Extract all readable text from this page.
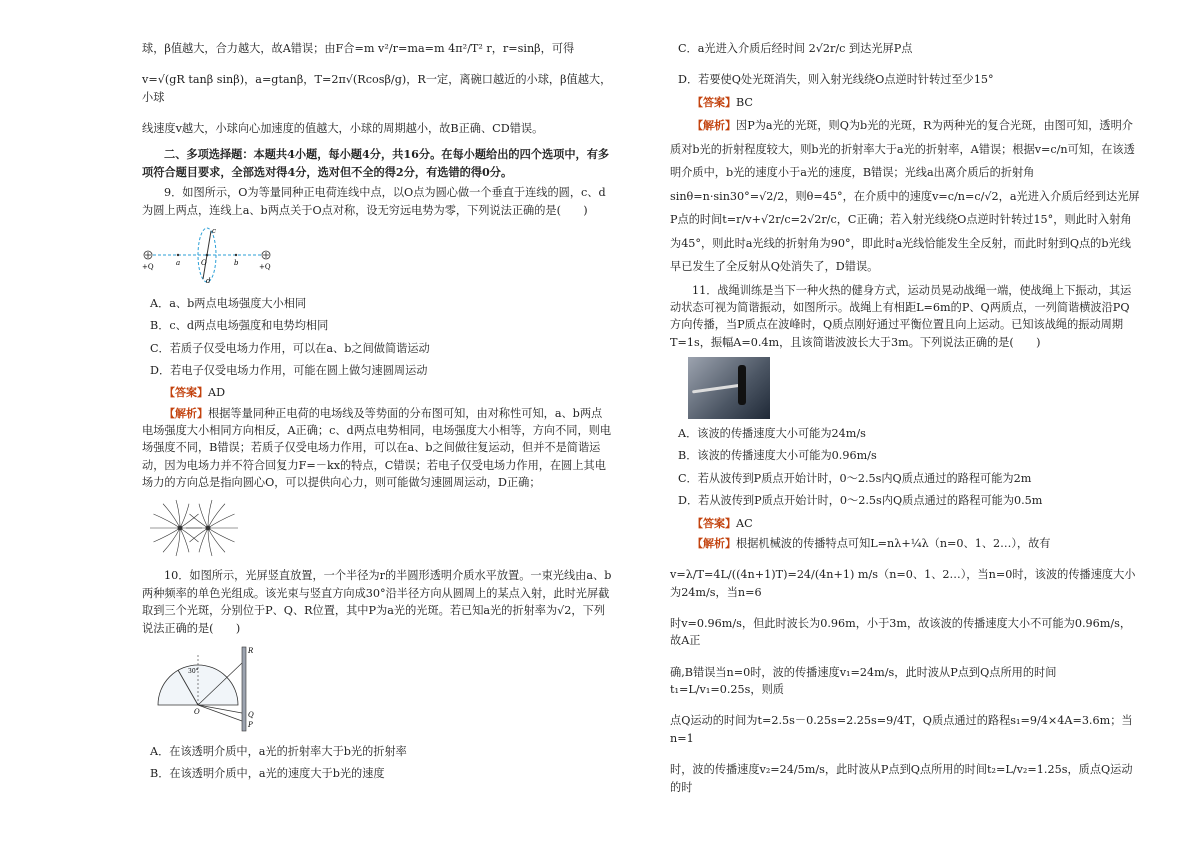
球，β值越大，合力越大，故A错误；由F合=m v²/r=ma=m 4π²/T² r，r=sinβ，可得

v=√(gR tanβ sinβ)，a=gtanβ，T=2π√(Rcosβ/g)，R一定，离碗口越近的小球，β值越大，小球

线速度v越大，小球向心加速度的值越大，小球的周期越小，故B正确、CD错误。

二、多项选择题：本题共4小题，每小题4分，共16分。在每小题给出的四个选项中，有多项符合题目要求，全部选对得4分，选对但不全的得2分，有选错的得0分。

9．如图所示，O为等量同种正电荷连线中点，以O点为圆心做一个垂直于连线的圆，c、d为圆上两点，连线上a、b两点关于O点对称，设无穷远电势为零，下列说法正确的是(　　)

+Q	+Q
a	O	b
c
d

A．a、b两点电场强度大小相同

B．c、d两点电场强度和电势均相同

C．若质子仅受电场力作用，可以在a、b之间做简谐运动

D．若电子仅受电场力作用，可能在圆上做匀速圆周运动

【答案】AD

【解析】根据等量同种正电荷的电场线及等势面的分布图可知，由对称性可知，a、b两点电场强度大小相同方向相反，A正确；c、d两点电势相同，电场强度大小相等，方向不同，则电场强度不同，B错误；若质子仅受电场力作用，可以在a、b之间做往复运动，但并不是简谐运动，因为电场力并不符合回复力F=－kx的特点，C错误；若电子仅受电场力作用，在圆上其电场力的方向总是指向圆心O，可以提供向心力，则可能做匀速圆周运动，D正确；

10．如图所示，光屏竖直放置，一个半径为r的半圆形透明介质水平放置。一束光线由a、b两种频率的单色光组成。该光束与竖直方向成30°沿半径方向从圆周上的某点入射，此时光屏截取到三个光斑，分别位于P、Q、R位置，其中P为a光的光斑。若已知a光的折射率为√2，下列说法正确的是(　　)

R
Q
P
O
30°

A．在该透明介质中，a光的折射率大于b光的折射率

B．在该透明介质中，a光的速度大于b光的速度

C．a光进入介质后经时间 2√2r/c 到达光屏P点

D．若要使Q处光斑消失，则入射光线绕O点逆时针转过至少15°

【答案】BC

【解析】因P为a光的光斑，则Q为b光的光斑，R为两种光的复合光斑，由图可知，透明介质对b光的折射程度较大，则b光的折射率大于a光的折射率，A错误；根据v=c/n可知，在该透明介质中，b光的速度小于a光的速度，B错误；光线a出离介质后的折射角sinθ=n·sin30°=√2/2，则θ=45°，在介质中的速度v=c/n=c/√2，a光进入介质后经到达光屏P点的时间t=r/v+√2r/c=2√2r/c，C正确；若入射光线绕O点逆时针转过15°，则此时入射角为45°，则此时a光线的折射角为90°，即此时a光线恰能发生全反射，而此时射到Q点的b光线早已发生了全反射从Q处消失了，D错误。

11．战绳训练是当下一种火热的健身方式，运动员晃动战绳一端，使战绳上下振动，其运动状态可视为简谐振动，如图所示。战绳上有相距L=6m的P、Q两质点，一列简谐横波沿PQ方向传播，当P质点在波峰时，Q质点刚好通过平衡位置且向上运动。已知该战绳的振动周期T=1s，振幅A=0.4m，且该简谐波波长大于3m。下列说法正确的是(　　)

A．该波的传播速度大小可能为24m/s

B．该波的传播速度大小可能为0.96m/s

C．若从波传到P质点开始计时，0～2.5s内Q质点通过的路程可能为2m

D．若从波传到P质点开始计时，0～2.5s内Q质点通过的路程可能为0.5m

【答案】AC

【解析】根据机械波的传播特点可知L=nλ+¼λ（n=0、1、2…），故有

v=λ/T=4L/((4n+1)T)=24/(4n+1) m/s（n=0、1、2…），当n=0时，该波的传播速度大小为24m/s，当n=6

时v=0.96m/s，但此时波长为0.96m，小于3m，故该波的传播速度大小不可能为0.96m/s，故A正

确,B错误当n=0时，波的传播速度v₁=24m/s，此时波从P点到Q点所用的时间t₁=L/v₁=0.25s，则质

点Q运动的时间为t=2.5s－0.25s=2.25s=9/4T，Q质点通过的路程s₁=9/4×4A=3.6m；当n=1

时，波的传播速度v₂=24/5m/s，此时波从P点到Q点所用的时间t₂=L/v₂=1.25s，质点Q运动的时
